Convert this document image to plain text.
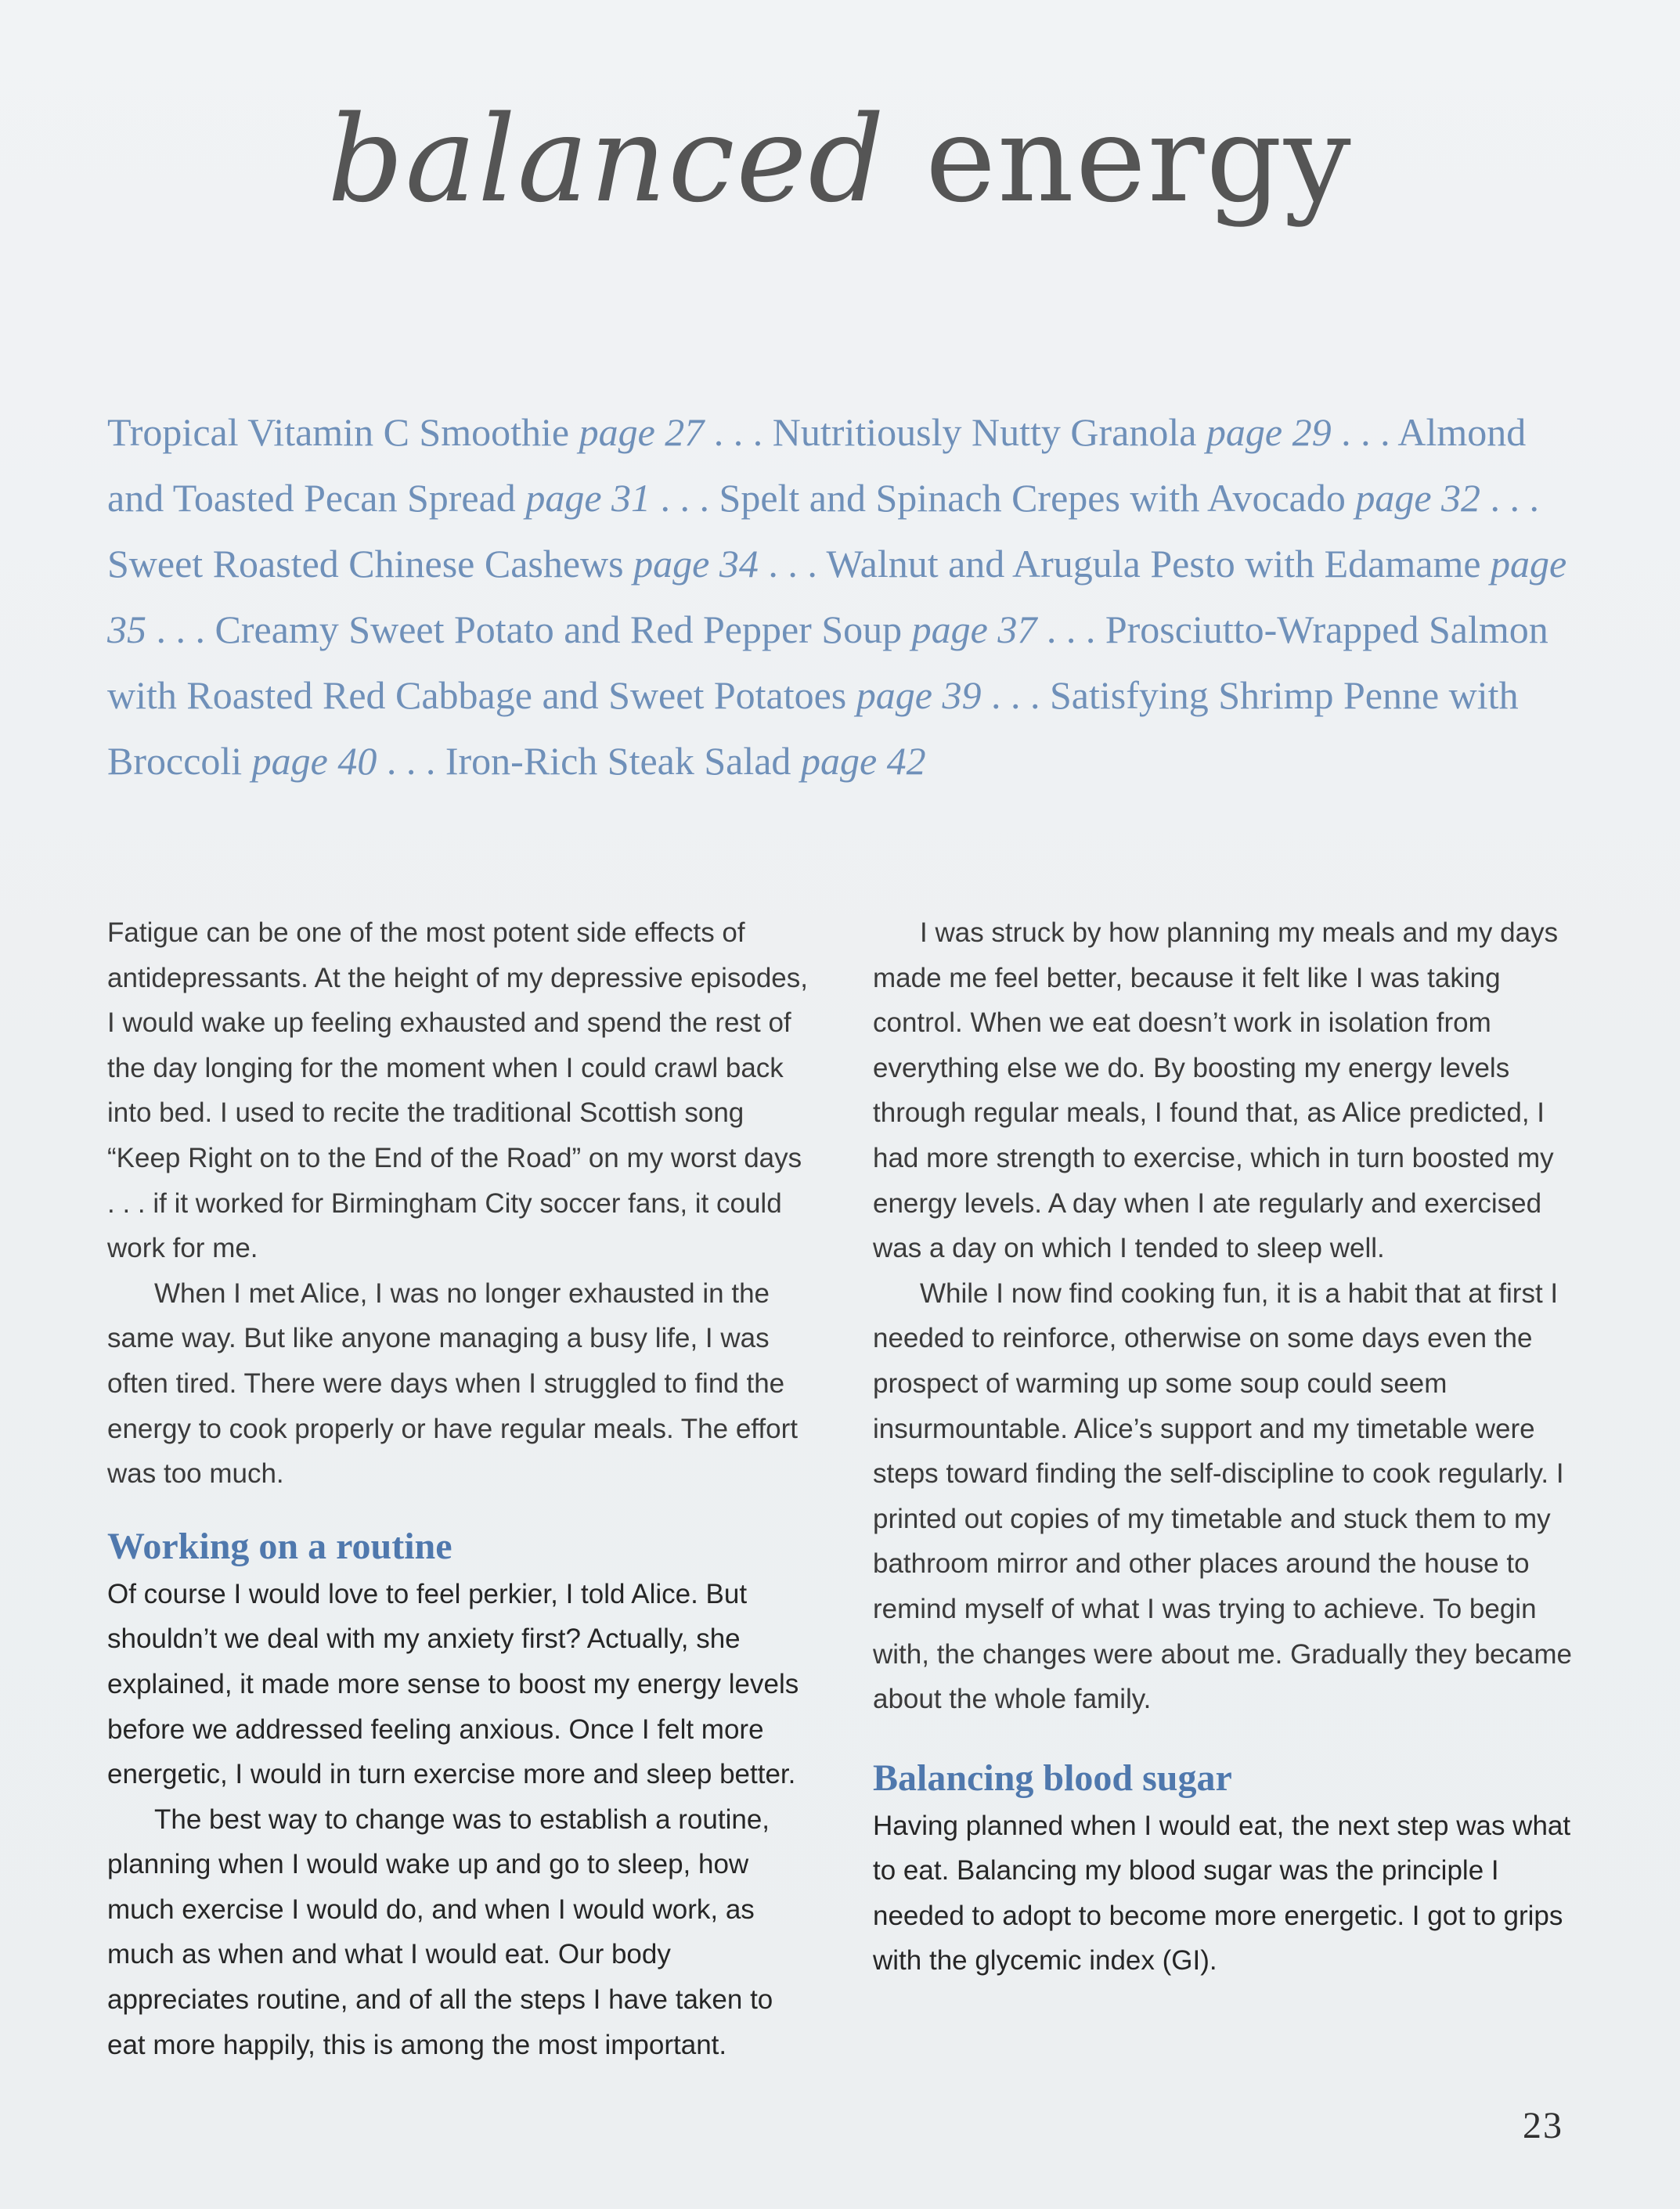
balanced energy
Tropical Vitamin C Smoothie page 27 . . . Nutritiously Nutty Granola page 29 . . . Almond and Toasted Pecan Spread page 31 . . . Spelt and Spinach Crepes with Avocado page 32 . . . Sweet Roasted Chinese Cashews page 34 . . . Walnut and Arugula Pesto with Edamame page 35 . . . Creamy Sweet Potato and Red Pepper Soup page 37 . . . Prosciutto-Wrapped Salmon with Roasted Red Cabbage and Sweet Potatoes page 39 . . . Satisfying Shrimp Penne with Broccoli page 40 . . . Iron-Rich Steak Salad page 42

Fatigue can be one of the most potent side effects of antidepressants. At the height of my depressive episodes, I would wake up feeling exhausted and spend the rest of the day longing for the moment when I could crawl back into bed. I used to recite the traditional Scottish song “Keep Right on to the End of the Road” on my worst days . . . if it worked for Birmingham City soccer fans, it could work for me.

When I met Alice, I was no longer exhausted in the same way. But like anyone managing a busy life, I was often tired. There were days when I struggled to find the energy to cook properly or have regular meals. The effort was too much.

Working on a routine

Of course I would love to feel perkier, I told Alice. But shouldn’t we deal with my anxiety first? Actually, she explained, it made more sense to boost my energy levels before we addressed feeling anxious. Once I felt more energetic, I would in turn exercise more and sleep better.

The best way to change was to establish a routine, planning when I would wake up and go to sleep, how much exercise I would do, and when I would work, as much as when and what I would eat. Our body appreciates routine, and of all the steps I have taken to eat more happily, this is among the most important.

I was struck by how planning my meals and my days made me feel better, because it felt like I was taking control. When we eat doesn’t work in isolation from everything else we do. By boosting my energy levels through regular meals, I found that, as Alice predicted, I had more strength to exercise, which in turn boosted my energy levels. A day when I ate regularly and exercised was a day on which I tended to sleep well.

While I now find cooking fun, it is a habit that at first I needed to reinforce, otherwise on some days even the prospect of warming up some soup could seem insurmountable. Alice’s support and my timetable were steps toward finding the self-discipline to cook regularly. I printed out copies of my timetable and stuck them to my bathroom mirror and other places around the house to remind myself of what I was trying to achieve. To begin with, the changes were about me. Gradually they became about the whole family.

Balancing blood sugar

Having planned when I would eat, the next step was what to eat. Balancing my blood sugar was the principle I needed to adopt to become more energetic. I got to grips with the glycemic index (GI).

23
